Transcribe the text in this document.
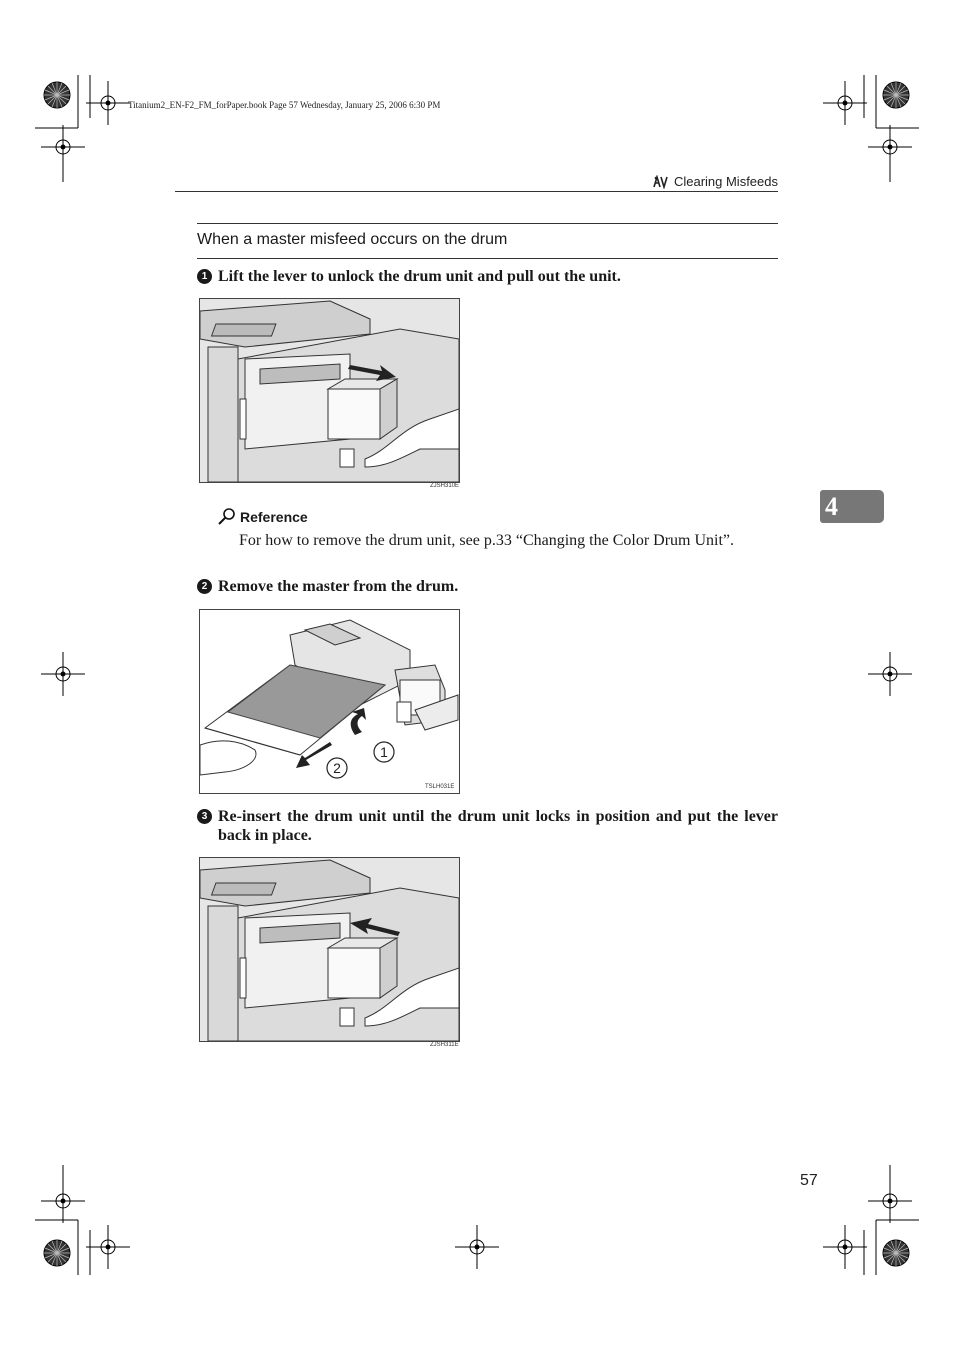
Titanium2_EN-F2_FM_forPaper.book Page 57 Wednesday, January 25, 2006 6:30 PM
Clearing Misfeeds
When a master misfeed occurs on the drum
1 Lift the lever to unlock the drum unit and pull out the unit.
ZJSH310E
Reference
For how to remove the drum unit, see p.33 “Changing the Color Drum Unit”.
2 Remove the master from the drum.
1
2
TSLH031E
3 Re-insert the drum unit until the drum unit locks in position and put the lever back in place.
ZJSH311E
4
57
